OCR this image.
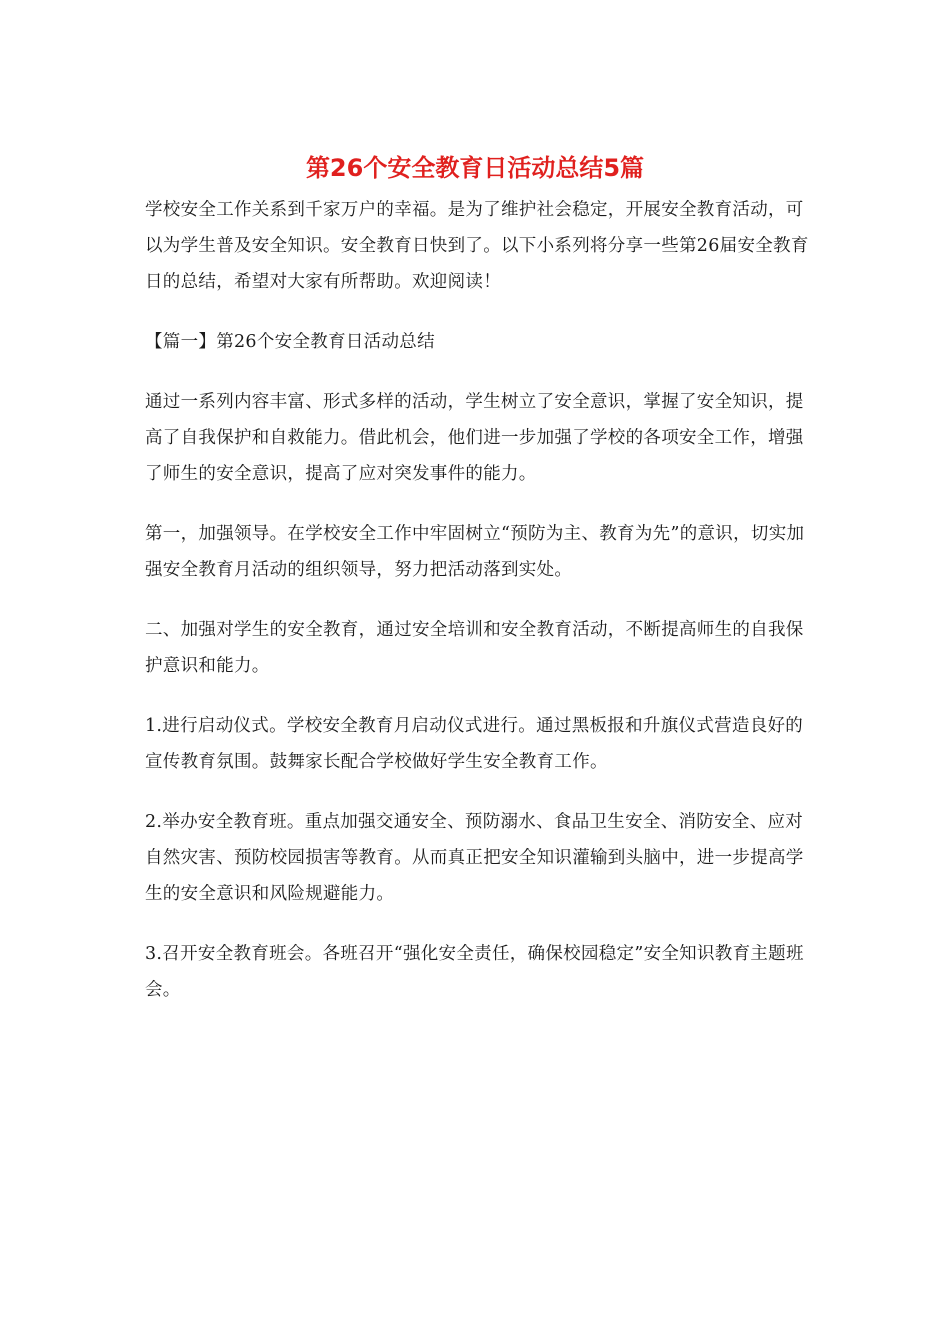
第26个安全教育日活动总结5篇

学校安全工作关系到千家万户的幸福。是为了维护社会稳定，开展安全教育活动，可以为学生普及安全知识。安全教育日快到了。以下小系列将分享一些第26届安全教育日的总结，希望对大家有所帮助。欢迎阅读！

【篇一】第26个安全教育日活动总结

通过一系列内容丰富、形式多样的活动，学生树立了安全意识，掌握了安全知识，提高了自我保护和自救能力。借此机会，他们进一步加强了学校的各项安全工作，增强了师生的安全意识，提高了应对突发事件的能力。

第一，加强领导。在学校安全工作中牢固树立“预防为主、教育为先”的意识，切实加强安全教育月活动的组织领导，努力把活动落到实处。

二、加强对学生的安全教育，通过安全培训和安全教育活动，不断提高师生的自我保护意识和能力。

1.进行启动仪式。学校安全教育月启动仪式进行。通过黑板报和升旗仪式营造良好的宣传教育氛围。鼓舞家长配合学校做好学生安全教育工作。

2.举办安全教育班。重点加强交通安全、预防溺水、食品卫生安全、消防安全、应对自然灾害、预防校园损害等教育。从而真正把安全知识灌输到头脑中，进一步提高学生的安全意识和风险规避能力。

3.召开安全教育班会。各班召开“强化安全责任，确保校园稳定”安全知识教育主题班会。
